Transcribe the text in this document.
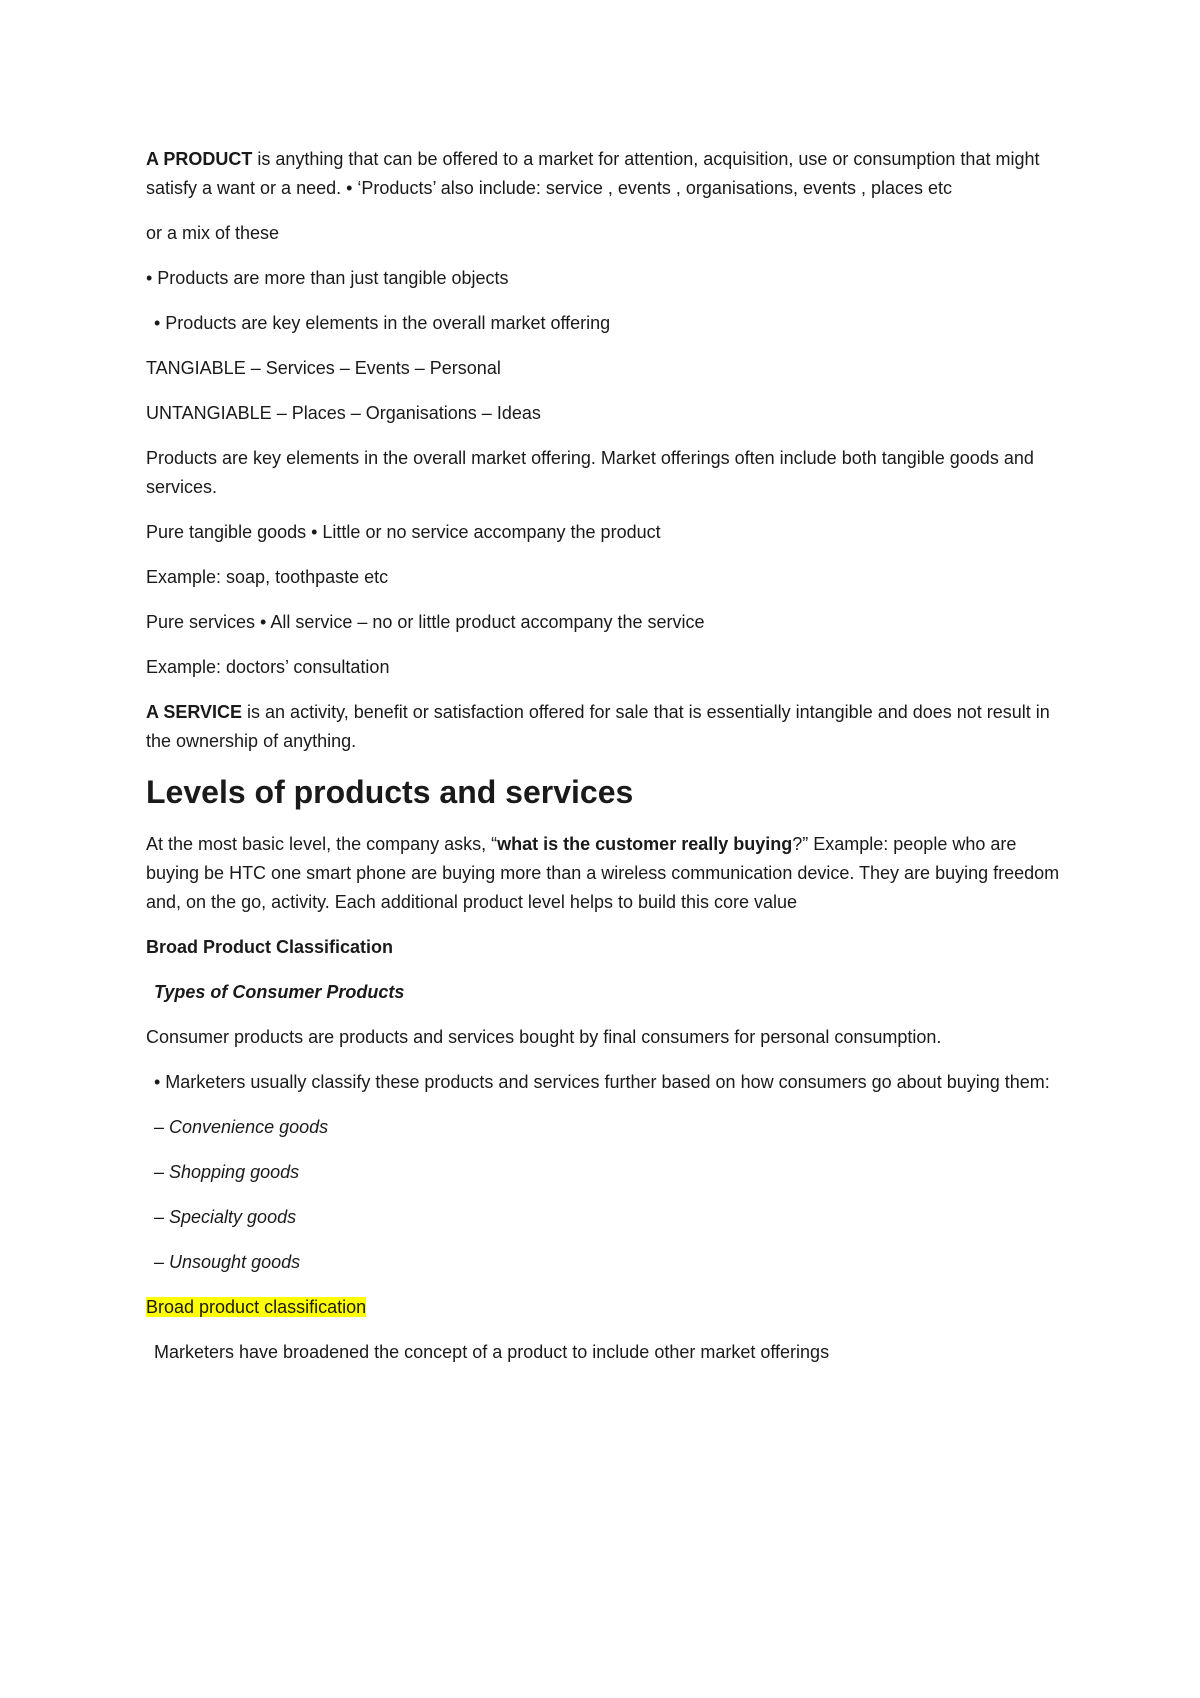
A PRODUCT is anything that can be offered to a market for attention, acquisition, use or consumption that might satisfy a want or a need. • ‘Products’ also include: service , events , organisations, events , places etc

or a mix of these

• Products are more than just tangible objects

• Products are key elements in the overall market offering

TANGIABLE – Services – Events – Personal

UNTANGIABLE – Places – Organisations – Ideas

Products are key elements in the overall market offering. Market offerings often include both tangible goods and services.

Pure tangible goods • Little or no service accompany the product

Example: soap, toothpaste etc

Pure services • All service – no or little product accompany the service

Example: doctors’ consultation

A SERVICE is an activity, benefit or satisfaction offered for sale that is essentially intangible and does not result in the ownership of anything.

Levels of products and services

At the most basic level, the company asks, “what is the customer really buying?” Example: people who are buying be HTC one smart phone are buying more than a wireless communication device. They are buying freedom and, on the go, activity. Each additional product level helps to build this core value

Broad Product Classification

Types of Consumer Products

Consumer products are products and services bought by final consumers for personal consumption.

• Marketers usually classify these products and services further based on how consumers go about buying them:

– Convenience goods

– Shopping goods

– Specialty goods

– Unsought goods

Broad product classification

Marketers have broadened the concept of a product to include other market offerings
